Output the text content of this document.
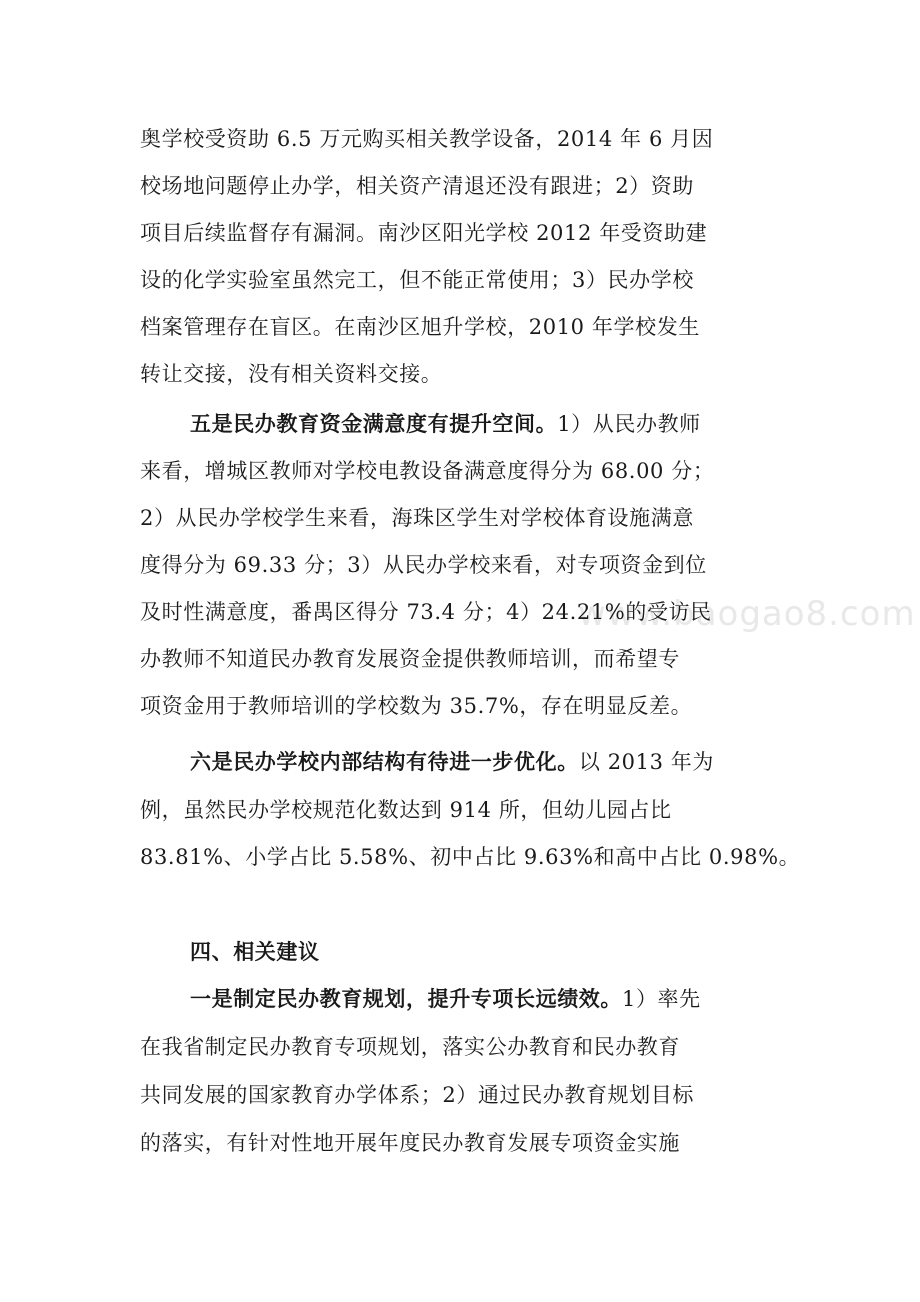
www.baogao8.com
奥学校受资助 6.5 万元购买相关教学设备，2014 年 6 月因
校场地问题停止办学，相关资产清退还没有跟进；2）资助
项目后续监督存有漏洞。南沙区阳光学校 2012 年受资助建
设的化学实验室虽然完工，但不能正常使用；3）民办学校
档案管理存在盲区。在南沙区旭升学校，2010 年学校发生
转让交接，没有相关资料交接。
五是民办教育资金满意度有提升空间。1）从民办教师
来看，增城区教师对学校电教设备满意度得分为 68.00 分；
2）从民办学校学生来看，海珠区学生对学校体育设施满意
度得分为 69.33 分；3）从民办学校来看，对专项资金到位
及时性满意度，番禺区得分 73.4 分；4）24.21%的受访民
办教师不知道民办教育发展资金提供教师培训，而希望专
项资金用于教师培训的学校数为 35.7%，存在明显反差。
六是民办学校内部结构有待进一步优化。以 2013 年为
例，虽然民办学校规范化数达到 914 所，但幼儿园占比
83.81%、小学占比 5.58%、初中占比 9.63%和高中占比 0.98%。
四、相关建议
一是制定民办教育规划，提升专项长远绩效。1）率先
在我省制定民办教育专项规划，落实公办教育和民办教育
共同发展的国家教育办学体系；2）通过民办教育规划目标
的落实，有针对性地开展年度民办教育发展专项资金实施
